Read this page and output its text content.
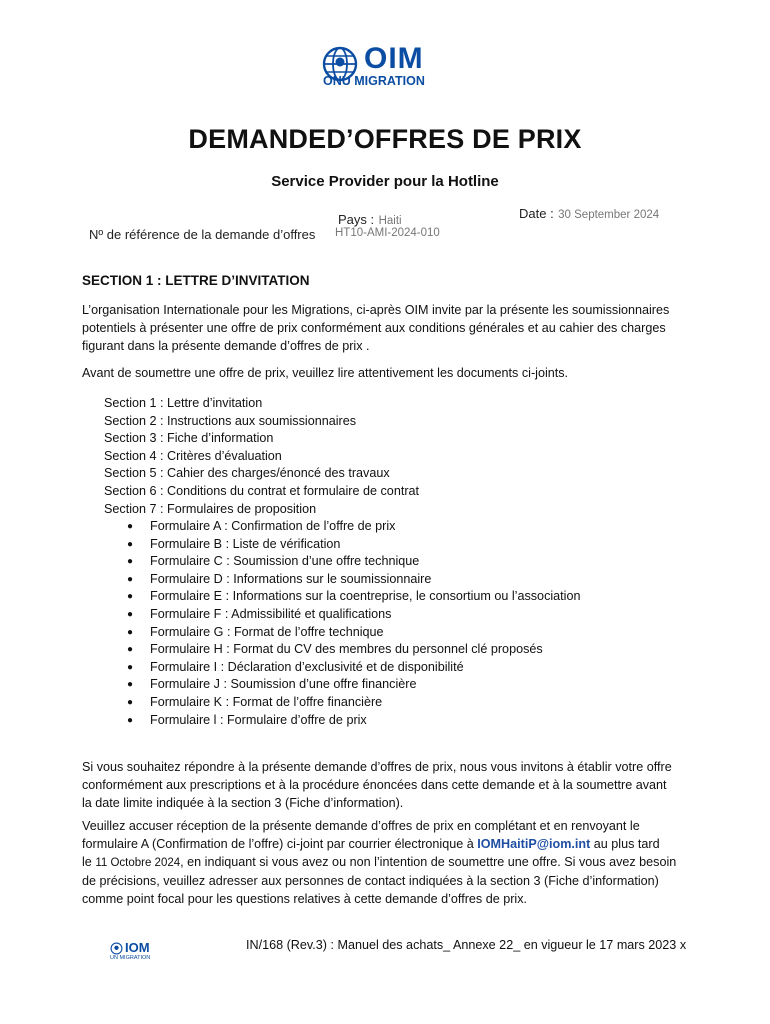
OIM
ONU MIGRATION
DEMANDED’OFFRES DE PRIX
Service Provider pour la Hotline
Date : 30 September 2024
Pays : Haiti
Nº de référence de la demande d’offres HT10-AMI-2024-010
SECTION 1 : LETTRE D’INVITATION
L’organisation Internationale pour les Migrations, ci-après OIM invite par la présente les soumissionnaires
potentiels à présenter une offre de prix conformément aux conditions générales et au cahier des charges
figurant dans la présente demande d’offres de prix .
Avant de soumettre une offre de prix, veuillez lire attentivement les documents ci-joints.
Section 1 : Lettre d’invitation
Section 2 : Instructions aux soumissionnaires
Section 3 : Fiche d’information
Section 4 : Critères d’évaluation
Section 5 : Cahier des charges/énoncé des travaux
Section 6 : Conditions du contrat et formulaire de contrat
Section 7 : Formulaires de proposition
● Formulaire A : Confirmation de l’offre de prix
● Formulaire B : Liste de vérification
● Formulaire C : Soumission d’une offre technique
● Formulaire D : Informations sur le soumissionnaire
● Formulaire E : Informations sur la coentreprise, le consortium ou l’association
● Formulaire F : Admissibilité et qualifications
● Formulaire G : Format de l’offre technique
● Formulaire H : Format du CV des membres du personnel clé proposés
● Formulaire I : Déclaration d’exclusivité et de disponibilité
● Formulaire J : Soumission d’une offre financière
● Formulaire K : Format de l’offre financière
● Formulaire l : Formulaire d’offre de prix
Si vous souhaitez répondre à la présente demande d’offres de prix, nous vous invitons à établir votre offre
conformément aux prescriptions et à la procédure énoncées dans cette demande et à la soumettre avant
la date limite indiquée à la section 3 (Fiche d’information).
Veuillez accuser réception de la présente demande d’offres de prix en complétant et en renvoyant le
formulaire A (Confirmation de l’offre) ci-joint par courrier électronique à IOMHaitiP@iom.int au plus tard
le 11 Octobre 2024, en indiquant si vous avez ou non l’intention de soumettre une offre. Si vous avez besoin
de précisions, veuillez adresser aux personnes de contact indiquées à la section 3 (Fiche d’information)
comme point focal pour les questions relatives à cette demande d’offres de prix.
IOM
UN MIGRATION
IN/168 (Rev.3) : Manuel des achats_ Annexe 22_ en vigueur le 17 mars 2023 x
